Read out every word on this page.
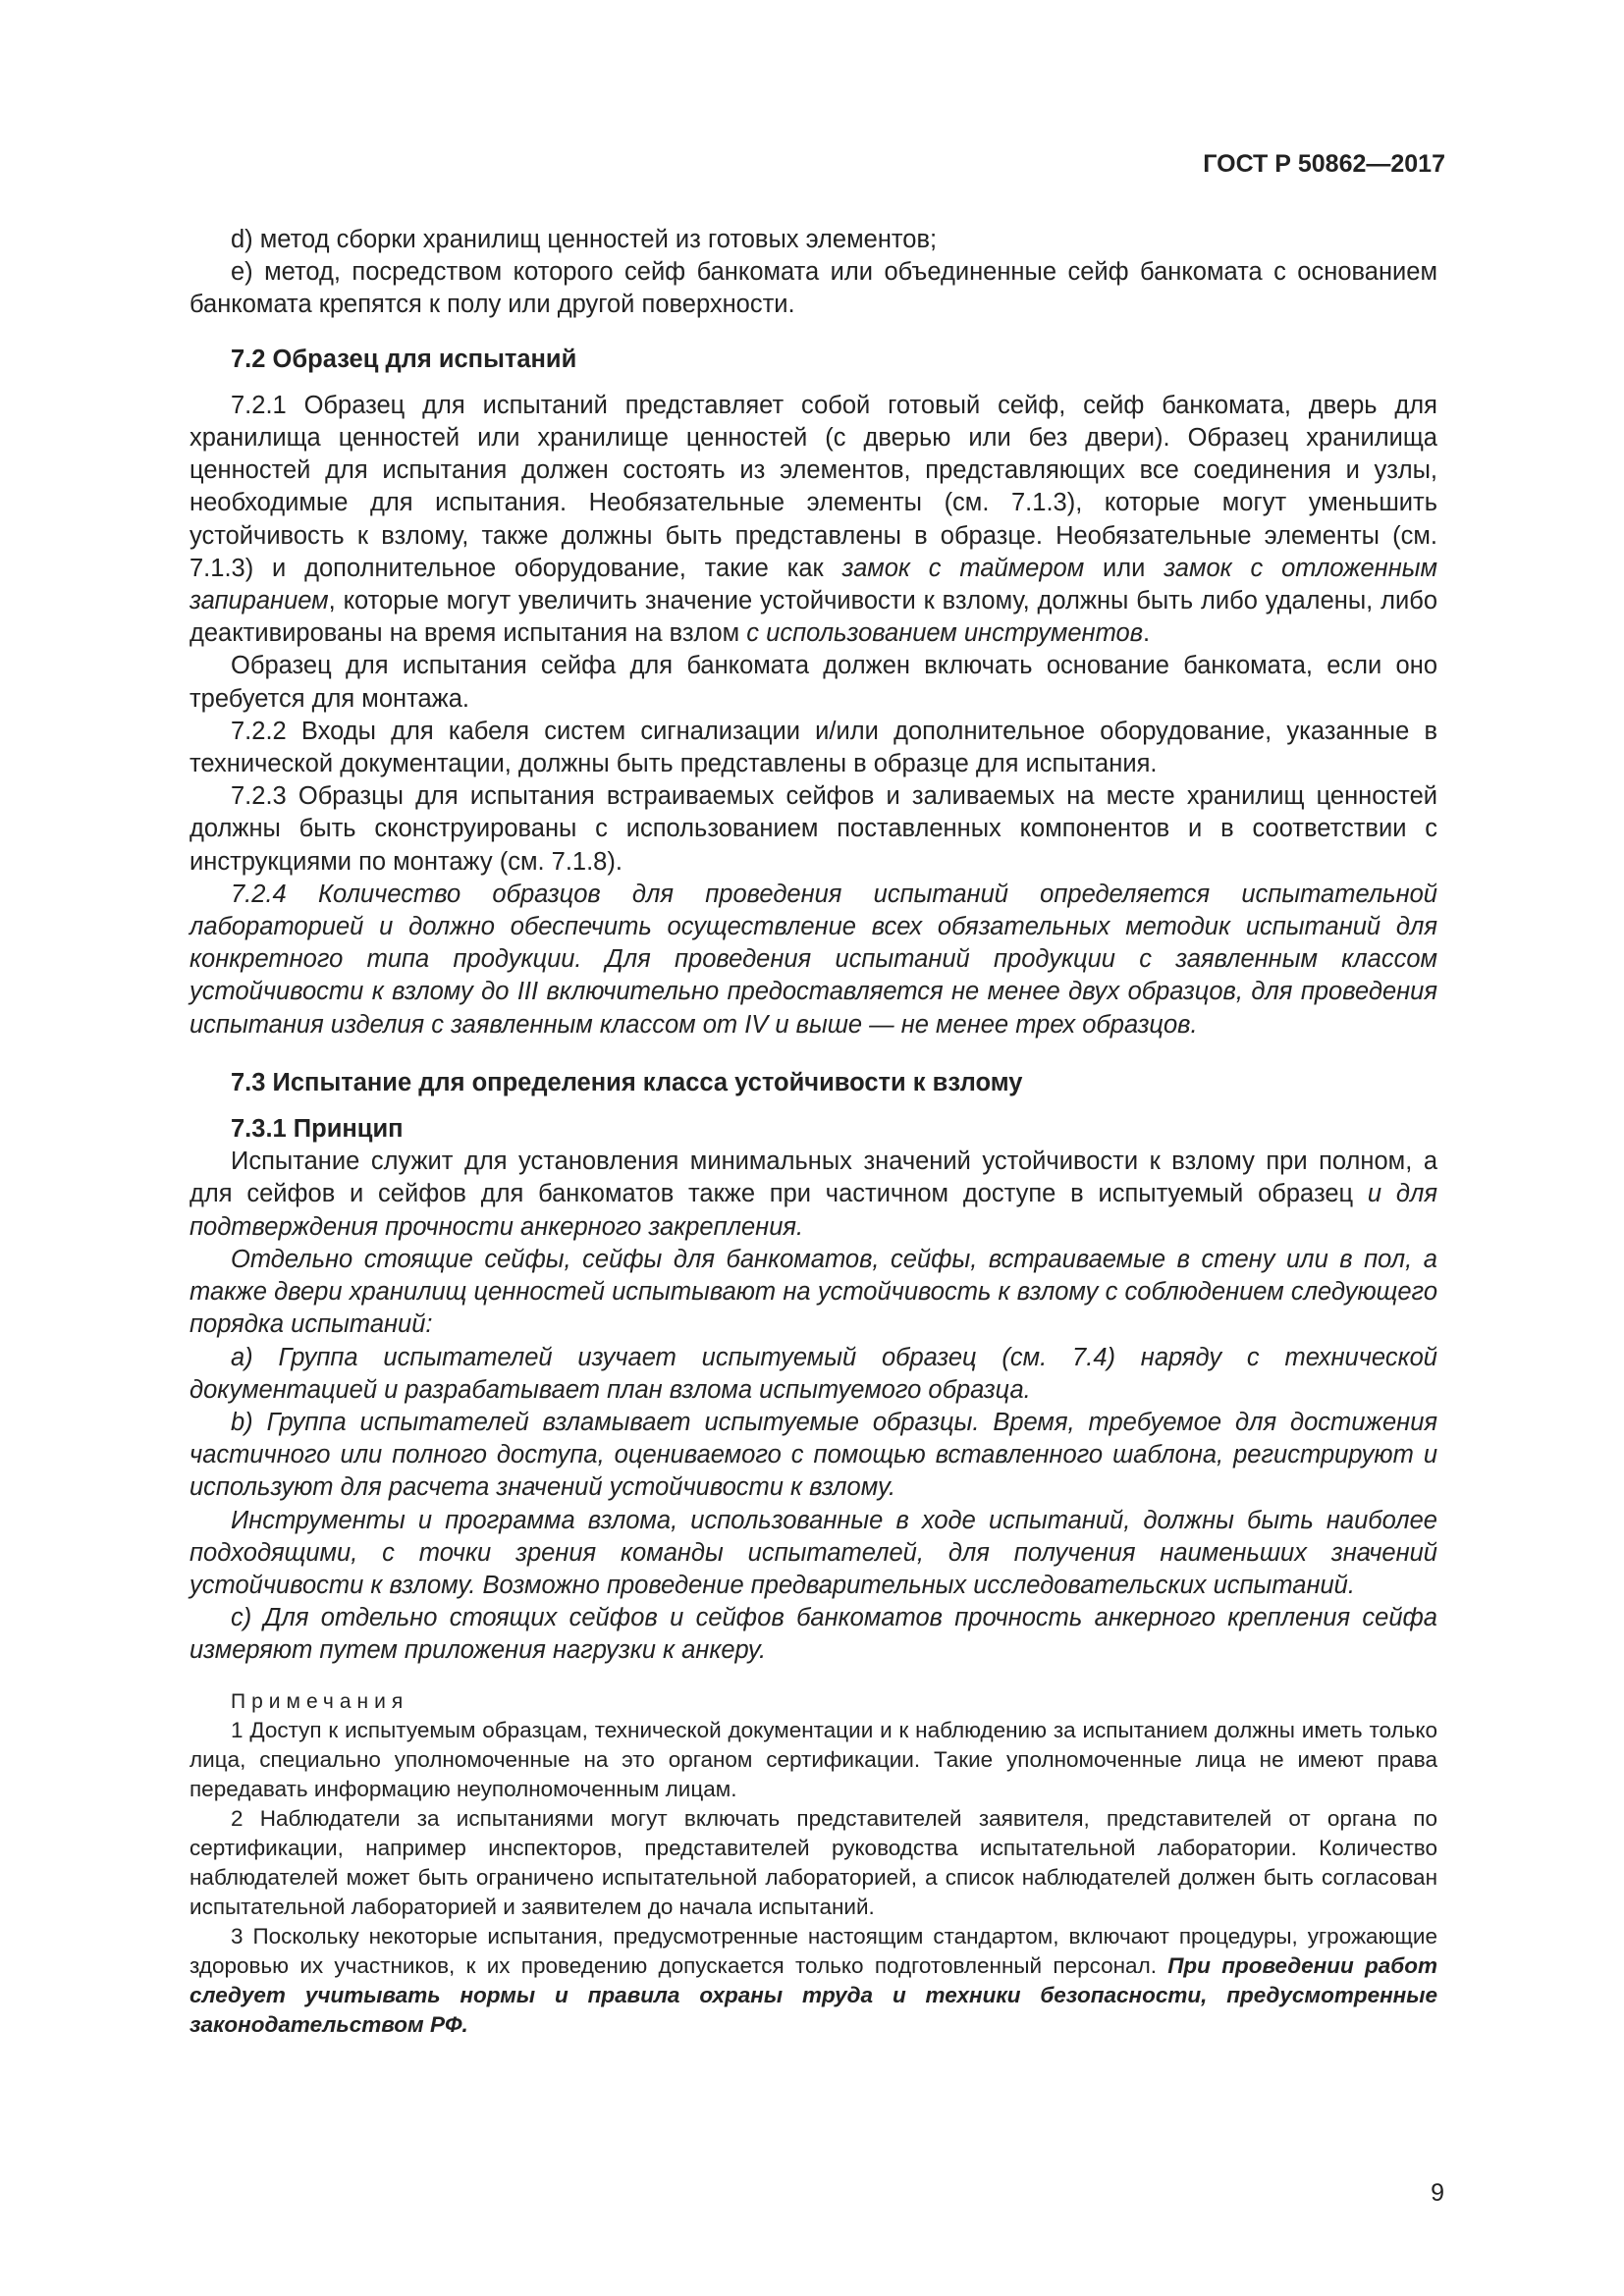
ГОСТ Р 50862—2017

d) метод сборки хранилищ ценностей из готовых элементов;

e) метод, посредством которого сейф банкомата или объединенные сейф банкомата с основанием банкомата крепятся к полу или другой поверхности.

7.2 Образец для испытаний

7.2.1 Образец для испытаний представляет собой готовый сейф, сейф банкомата, дверь для хранилища ценностей или хранилище ценностей (с дверью или без двери). Образец хранилища ценностей для испытания должен состоять из элементов, представляющих все соединения и узлы, необходимые для испытания. Необязательные элементы (см. 7.1.3), которые могут уменьшить устойчивость к взлому, также должны быть представлены в образце. Необязательные элементы (см. 7.1.3) и дополнительное оборудование, такие как замок с таймером или замок с отложенным запиранием, которые могут увеличить значение устойчивости к взлому, должны быть либо удалены, либо деактивированы на время испытания на взлом с использованием инструментов.

Образец для испытания сейфа для банкомата должен включать основание банкомата, если оно требуется для монтажа.

7.2.2 Входы для кабеля систем сигнализации и/или дополнительное оборудование, указанные в технической документации, должны быть представлены в образце для испытания.

7.2.3 Образцы для испытания встраиваемых сейфов и заливаемых на месте хранилищ ценностей должны быть сконструированы с использованием поставленных компонентов и в соответствии с инструкциями по монтажу (см. 7.1.8).

7.2.4 Количество образцов для проведения испытаний определяется испытательной лабораторией и должно обеспечить осуществление всех обязательных методик испытаний для конкретного типа продукции. Для проведения испытаний продукции с заявленным классом устойчивости к взлому до III включительно предоставляется не менее двух образцов, для проведения испытания изделия с заявленным классом от IV и выше — не менее трех образцов.

7.3 Испытание для определения класса устойчивости к взлому
7.3.1 Принцип

Испытание служит для установления минимальных значений устойчивости к взлому при полном, а для сейфов и сейфов для банкоматов также при частичном доступе в испытуемый образец и для подтверждения прочности анкерного закрепления.

Отдельно стоящие сейфы, сейфы для банкоматов, сейфы, встраиваемые в стену или в пол, а также двери хранилищ ценностей испытывают на устойчивость к взлому с соблюдением следующего порядка испытаний:

а) Группа испытателей изучает испытуемый образец (см. 7.4) наряду с технической документацией и разрабатывает план взлома испытуемого образца.

b) Группа испытателей взламывает испытуемые образцы. Время, требуемое для достижения частичного или полного доступа, оцениваемого с помощью вставленного шаблона, регистрируют и используют для расчета значений устойчивости к взлому.

Инструменты и программа взлома, использованные в ходе испытаний, должны быть наиболее подходящими, с точки зрения команды испытателей, для получения наименьших значений устойчивости к взлому. Возможно проведение предварительных исследовательских испытаний.

с) Для отдельно стоящих сейфов и сейфов банкоматов прочность анкерного крепления сейфа измеряют путем приложения нагрузки к анкеру.

Примечания

1 Доступ к испытуемым образцам, технической документации и к наблюдению за испытанием должны иметь только лица, специально уполномоченные на это органом сертификации. Такие уполномоченные лица не имеют права передавать информацию неуполномоченным лицам.

2 Наблюдатели за испытаниями могут включать представителей заявителя, представителей от органа по сертификации, например инспекторов, представителей руководства испытательной лаборатории. Количество наблюдателей может быть ограничено испытательной лабораторией, а список наблюдателей должен быть согласован испытательной лабораторией и заявителем до начала испытаний.

3 Поскольку некоторые испытания, предусмотренные настоящим стандартом, включают процедуры, угрожающие здоровью их участников, к их проведению допускается только подготовленный персонал. При проведении работ следует учитывать нормы и правила охраны труда и техники безопасности, предусмотренные законодательством РФ.

9
